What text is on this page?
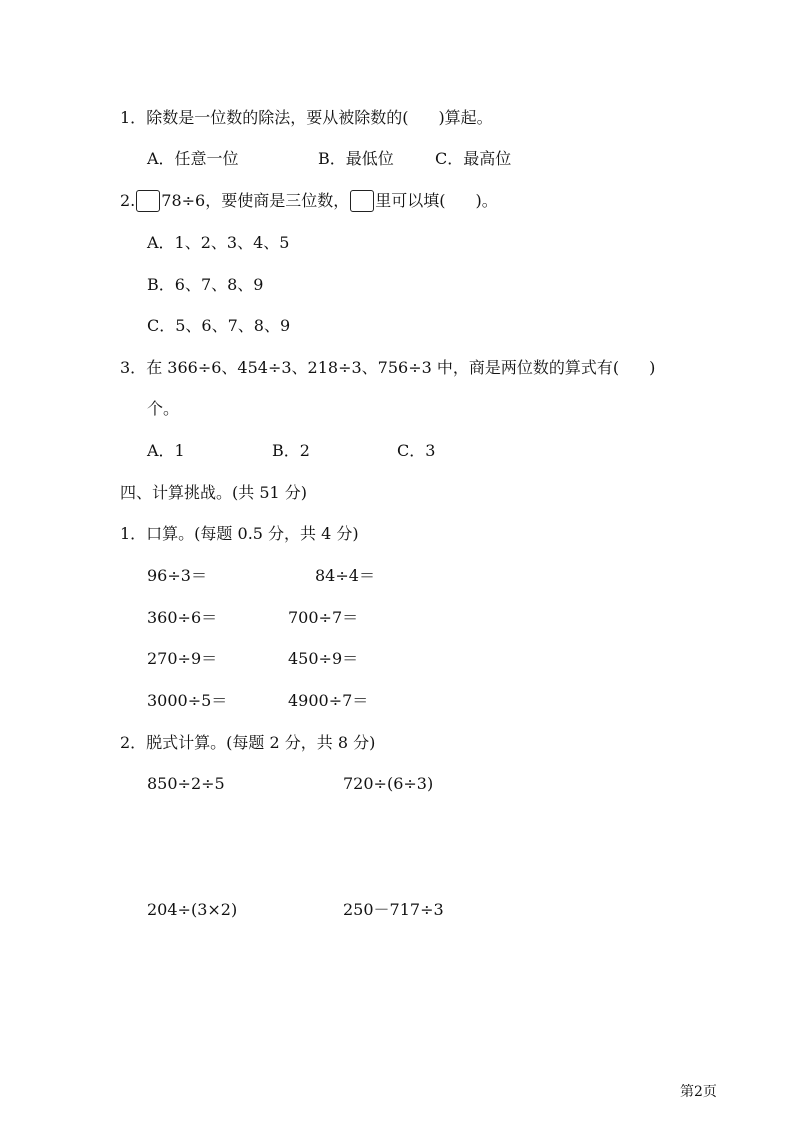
1．除数是一位数的除法，要从被除数的( )算起。
A．任意一位	B．最低位	C．最高位
2. 78÷6，要使商是三位数， 里可以填( )。
A．1、2、3、4、5
B．6、7、8、9
C．5、6、7、8、9
3．在 366÷6、454÷3、218÷3、756÷3 中，商是两位数的算式有( )
个。
A．1	B．2	C．3
四、计算挑战。(共 51 分)
1．口算。(每题 0.5 分，共 4 分)
96÷3＝	84÷4＝
360÷6＝	700÷7＝
270÷9＝	450÷9＝
3000÷5＝	4900÷7＝
2．脱式计算。(每题 2 分，共 8 分)
850÷2÷5	720÷(6÷3)
204÷(3×2)	250－717÷3
第2页
